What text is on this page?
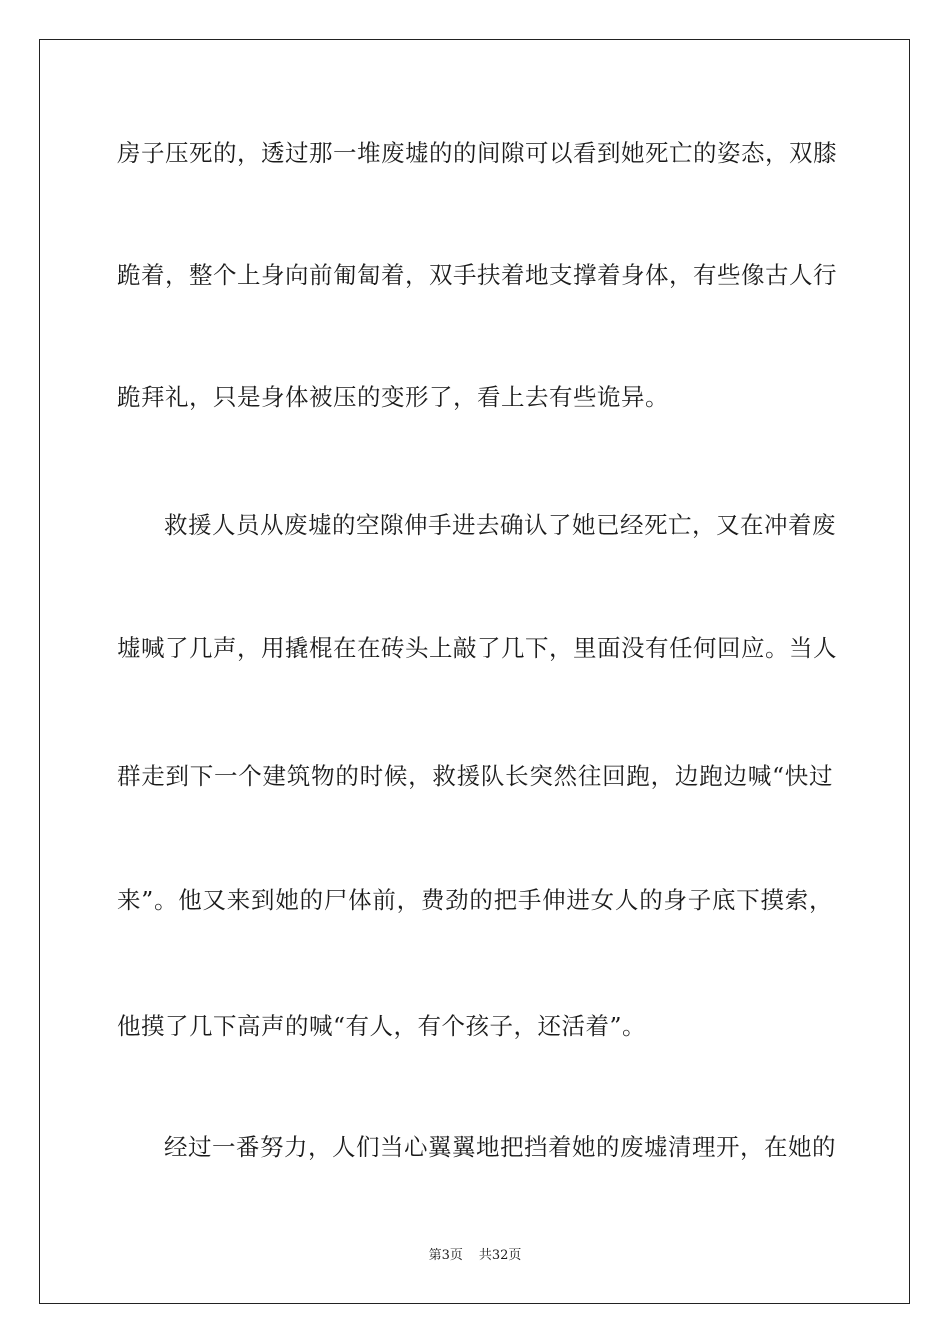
房子压死的，透过那一堆废墟的的间隙可以看到她死亡的姿态，双膝
跪着，整个上身向前匍匐着，双手扶着地支撑着身体，有些像古人行
跪拜礼，只是身体被压的变形了，看上去有些诡异。
救援人员从废墟的空隙伸手进去确认了她已经死亡，又在冲着废
墟喊了几声，用撬棍在在砖头上敲了几下，里面没有任何回应。当人
群走到下一个建筑物的时候，救援队长突然往回跑，边跑边喊“快过
来”。他又来到她的尸体前，费劲的把手伸进女人的身子底下摸索，
他摸了几下高声的喊“有人，有个孩子，还活着”。
经过一番努力，人们当心翼翼地把挡着她的废墟清理开，在她的
第3页 共32页
